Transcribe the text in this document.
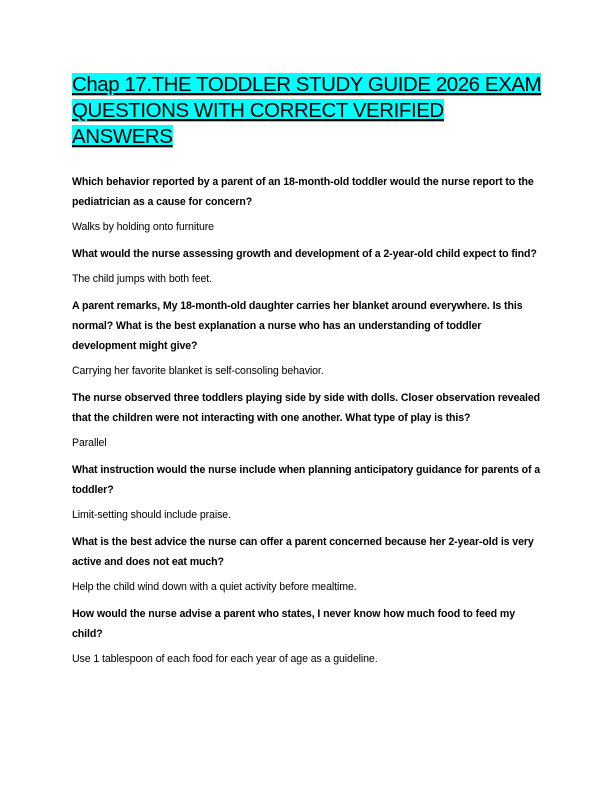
Chap 17.THE TODDLER STUDY GUIDE 2026 EXAM QUESTIONS WITH CORRECT VERIFIED ANSWERS

Which behavior reported by a parent of an 18-month-old toddler would the nurse report to the pediatrician as a cause for concern?

Walks by holding onto furniture

What would the nurse assessing growth and development of a 2-year-old child expect to find?

The child jumps with both feet.

A parent remarks, My 18-month-old daughter carries her blanket around everywhere. Is this normal? What is the best explanation a nurse who has an understanding of toddler development might give?

Carrying her favorite blanket is self-consoling behavior.

The nurse observed three toddlers playing side by side with dolls. Closer observation revealed that the children were not interacting with one another. What type of play is this?

Parallel

What instruction would the nurse include when planning anticipatory guidance for parents of a toddler?

Limit-setting should include praise.

What is the best advice the nurse can offer a parent concerned because her 2-year-old is very active and does not eat much?

Help the child wind down with a quiet activity before mealtime.

How would the nurse advise a parent who states, I never know how much food to feed my child?

Use 1 tablespoon of each food for each year of age as a guideline.
